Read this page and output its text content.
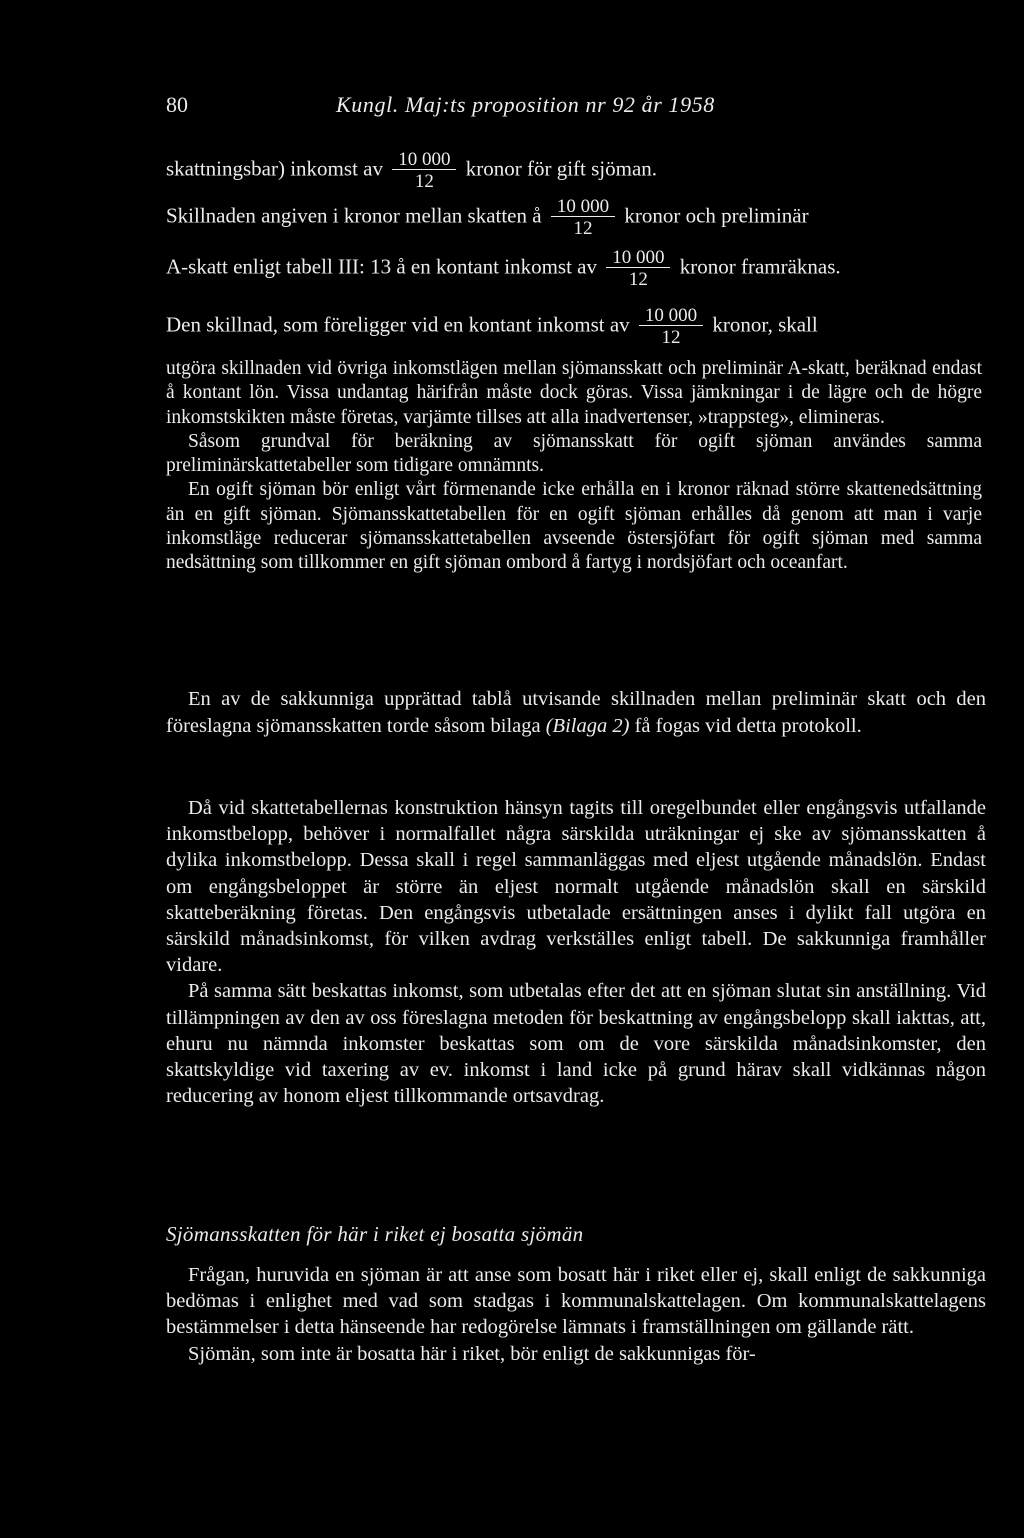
80	Kungl. Maj:ts proposition nr 92 år 1958
skattningsbar) inkomst av $\frac{10 000}{12}$ kronor för gift sjöman.
Skillnaden angiven i kronor mellan skatten å $\frac{10 000}{12}$ kronor och preliminär
A-skatt enligt tabell III: 13 å en kontant inkomst av $\frac{10 000}{12}$ kronor framräknas.
Den skillnad, som föreligger vid en kontant inkomst av $\frac{10 000}{12}$ kronor, skall

utgöra skillnaden vid övriga inkomstlägen mellan sjömansskatt och preliminär A-skatt, beräknad endast å kontant lön. Vissa undantag härifrån måste dock göras. Vissa jämkningar i de lägre och de högre inkomstskikten måste företas, varjämte tillses att alla inadvertenser, »trappsteg», elimineras.

Såsom grundval för beräkning av sjömansskatt för ogift sjöman användes samma preliminärskattetabeller som tidigare omnämnts.

En ogift sjöman bör enligt vårt förmenande icke erhålla en i kronor räknad större skattenedsättning än en gift sjöman. Sjömansskattetabellen för en ogift sjöman erhålles då genom att man i varje inkomstläge reducerar sjömansskattetabellen avseende östersjöfart för ogift sjöman med samma nedsättning som tillkommer en gift sjöman ombord å fartyg i nordsjöfart och oceanfart.

En av de sakkunniga upprättad tablå utvisande skillnaden mellan preliminär skatt och den föreslagna sjömansskatten torde såsom bilaga (Bilaga 2) få fogas vid detta protokoll.

Då vid skattetabellernas konstruktion hänsyn tagits till oregelbundet eller engångsvis utfallande inkomstbelopp, behöver i normalfallet några särskilda uträkningar ej ske av sjömansskatten å dylika inkomstbelopp. Dessa skall i regel sammanläggas med eljest utgående månadslön. Endast om engångsbeloppet är större än eljest normalt utgående månadslön skall en särskild skatteberäkning företas. Den engångsvis utbetalade ersättningen anses i dylikt fall utgöra en särskild månadsinkomst, för vilken avdrag verkställes enligt tabell. De sakkunniga framhåller vidare.

På samma sätt beskattas inkomst, som utbetalas efter det att en sjöman slutat sin anställning. Vid tillämpningen av den av oss föreslagna metoden för beskattning av engångsbelopp skall iakttas, att, ehuru nu nämnda inkomster beskattas som om de vore särskilda månadsinkomster, den skattskyldige vid taxering av ev. inkomst i land icke på grund härav skall vidkännas någon reducering av honom eljest tillkommande ortsavdrag.

Sjömansskatten för här i riket ej bosatta sjömän

Frågan, huruvida en sjöman är att anse som bosatt här i riket eller ej, skall enligt de sakkunniga bedömas i enlighet med vad som stadgas i kommunalskattelagen. Om kommunalskattelagens bestämmelser i detta hänseende har redogörelse lämnats i framställningen om gällande rätt.

Sjömän, som inte är bosatta här i riket, bör enligt de sakkunnigas för-
